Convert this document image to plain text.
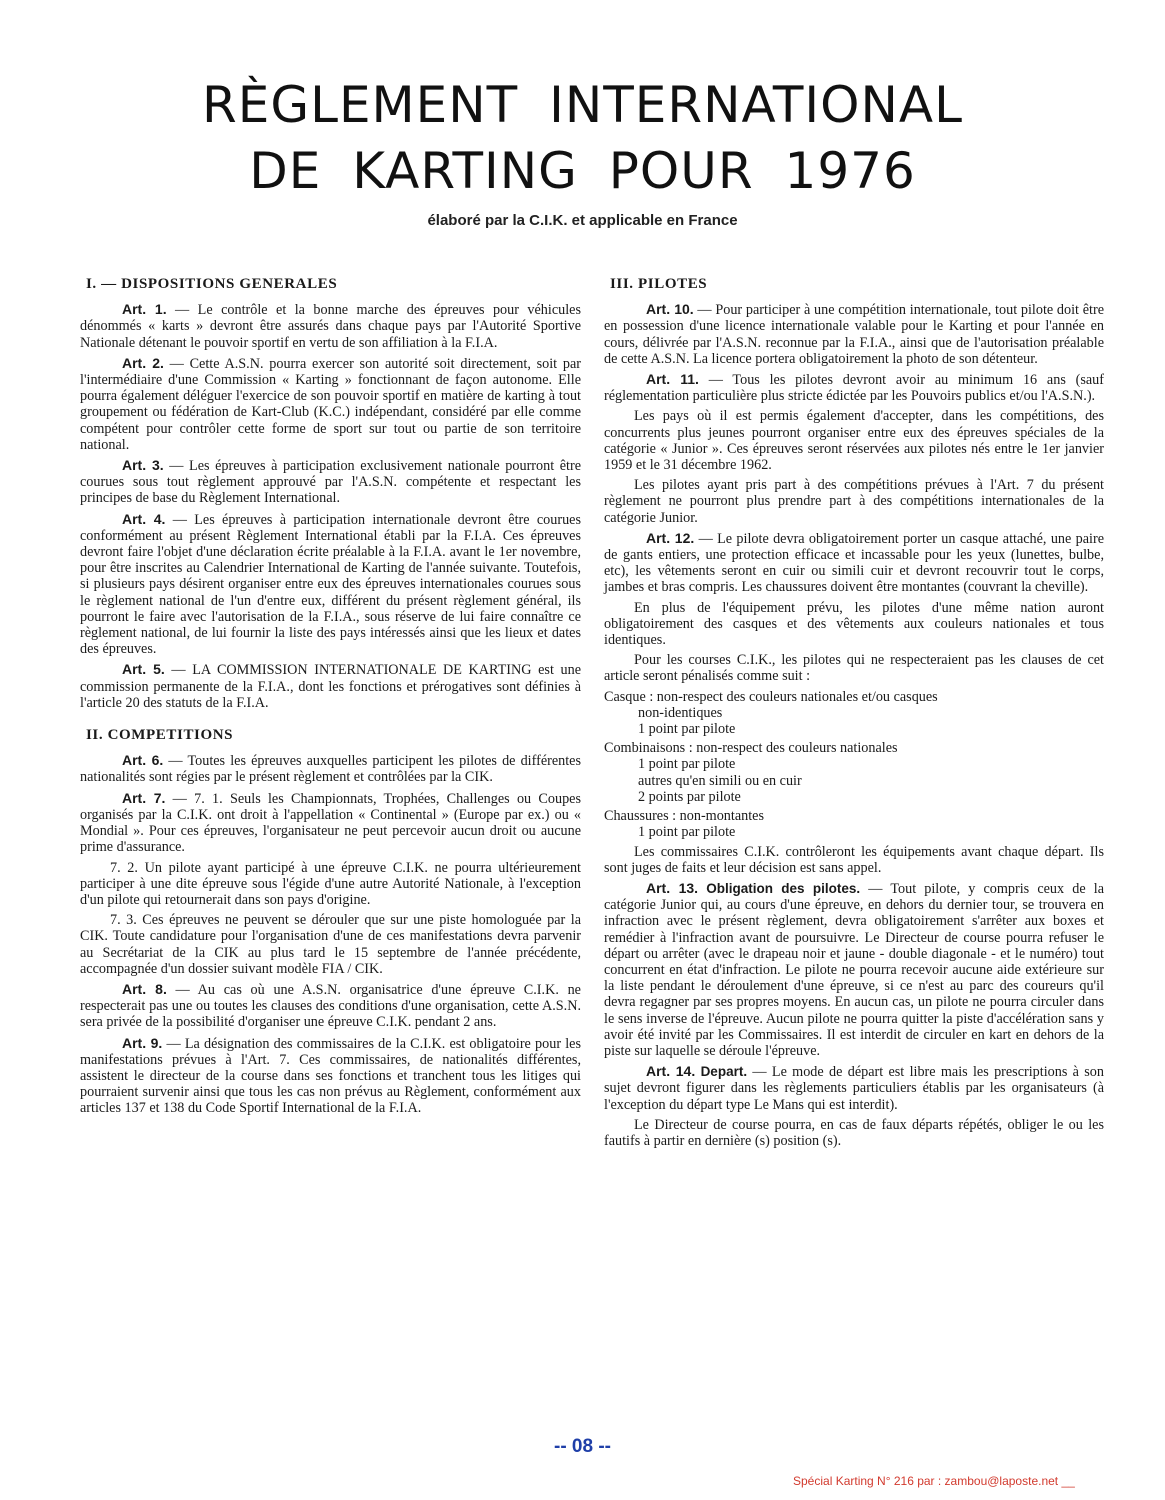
RÈGLEMENT INTERNATIONAL
DE KARTING POUR 1976
élaboré par la C.I.K. et applicable en France
I. — DISPOSITIONS GENERALES

Art. 1. — Le contrôle et la bonne marche des épreuves pour véhicules dénommés « karts » devront être assurés dans chaque pays par l'Autorité Sportive Nationale détenant le pouvoir sportif en vertu de son affiliation à la F.I.A.

Art. 2. — Cette A.S.N. pourra exercer son autorité soit directement, soit par l'intermédiaire d'une Commission « Karting » fonctionnant de façon autonome. Elle pourra également déléguer l'exercice de son pouvoir sportif en matière de karting à tout groupement ou fédération de Kart-Club (K.C.) indépendant, considéré par elle comme compétent pour contrôler cette forme de sport sur tout ou partie de son territoire national.

Art. 3. — Les épreuves à participation exclusivement nationale pourront être courues sous tout règlement approuvé par l'A.S.N. compétente et respectant les principes de base du Règlement International.

Art. 4. — Les épreuves à participation internationale devront être courues conformément au présent Règlement International établi par la F.I.A. Ces épreuves devront faire l'objet d'une déclaration écrite préalable à la F.I.A. avant le 1er novembre, pour être inscrites au Calendrier International de Karting de l'année suivante. Toutefois, si plusieurs pays désirent organiser entre eux des épreuves internationales courues sous le règlement national de l'un d'entre eux, différent du présent règlement général, ils pourront le faire avec l'autorisation de la F.I.A., sous réserve de lui faire connaître ce règlement national, de lui fournir la liste des pays intéressés ainsi que les lieux et dates des épreuves.

Art. 5. — LA COMMISSION INTERNATIONALE DE KARTING est une commission permanente de la F.I.A., dont les fonctions et prérogatives sont définies à l'article 20 des statuts de la F.I.A.

II. COMPETITIONS

Art. 6. — Toutes les épreuves auxquelles participent les pilotes de différentes nationalités sont régies par le présent règlement et contrôlées par la CIK.

Art. 7. — 7. 1. Seuls les Championnats, Trophées, Challenges ou Coupes organisés par la C.I.K. ont droit à l'appellation « Continental » (Europe par ex.) ou « Mondial ». Pour ces épreuves, l'organisateur ne peut percevoir aucun droit ou aucune prime d'assurance.

7. 2. Un pilote ayant participé à une épreuve C.I.K. ne pourra ultérieurement participer à une dite épreuve sous l'égide d'une autre Autorité Nationale, à l'exception d'un pilote qui retournerait dans son pays d'origine.

7. 3. Ces épreuves ne peuvent se dérouler que sur une piste homologuée par la CIK. Toute candidature pour l'organisation d'une de ces manifestations devra parvenir au Secrétariat de la CIK au plus tard le 15 septembre de l'année précédente, accompagnée d'un dossier suivant modèle FIA / CIK.

Art. 8. — Au cas où une A.S.N. organisatrice d'une épreuve C.I.K. ne respecterait pas une ou toutes les clauses des conditions d'une organisation, cette A.S.N. sera privée de la possibilité d'organiser une épreuve C.I.K. pendant 2 ans.

Art. 9. — La désignation des commissaires de la C.I.K. est obligatoire pour les manifestations prévues à l'Art. 7. Ces commissaires, de nationalités différentes, assistent le directeur de la course dans ses fonctions et tranchent tous les litiges qui pourraient survenir ainsi que tous les cas non prévus au Règlement, conformément aux articles 137 et 138 du Code Sportif International de la F.I.A.

III. PILOTES

Art. 10. — Pour participer à une compétition internationale, tout pilote doit être en possession d'une licence internationale valable pour le Karting et pour l'année en cours, délivrée par l'A.S.N. reconnue par la F.I.A., ainsi que de l'autorisation préalable de cette A.S.N. La licence portera obligatoirement la photo de son détenteur.

Art. 11. — Tous les pilotes devront avoir au minimum 16 ans (sauf réglementation particulière plus stricte édictée par les Pouvoirs publics et/ou l'A.S.N.).

Les pays où il est permis également d'accepter, dans les compétitions, des concurrents plus jeunes pourront organiser entre eux des épreuves spéciales de la catégorie « Junior ». Ces épreuves seront réservées aux pilotes nés entre le 1er janvier 1959 et le 31 décembre 1962.

Les pilotes ayant pris part à des compétitions prévues à l'Art. 7 du présent règlement ne pourront plus prendre part à des compétitions internationales de la catégorie Junior.

Art. 12. — Le pilote devra obligatoirement porter un casque attaché, une paire de gants entiers, une protection efficace et incassable pour les yeux (lunettes, bulbe, etc), les vêtements seront en cuir ou simili cuir et devront recouvrir tout le corps, jambes et bras compris. Les chaussures doivent être montantes (couvrant la cheville).

En plus de l'équipement prévu, les pilotes d'une même nation auront obligatoirement des casques et des vêtements aux couleurs nationales et tous identiques.

Pour les courses C.I.K., les pilotes qui ne respecteraient pas les clauses de cet article seront pénalisés comme suit :

Casque : non-respect des couleurs nationales et/ou casques
non-identiques
1 point par pilote
Combinaisons : non-respect des couleurs nationales
1 point par pilote
autres qu'en simili ou en cuir
2 points par pilote
Chaussures : non-montantes
1 point par pilote

Les commissaires C.I.K. contrôleront les équipements avant chaque départ. Ils sont juges de faits et leur décision est sans appel.

Art. 13. Obligation des pilotes. — Tout pilote, y compris ceux de la catégorie Junior qui, au cours d'une épreuve, en dehors du dernier tour, se trouvera en infraction avec le présent règlement, devra obligatoirement s'arrêter aux boxes et remédier à l'infraction avant de poursuivre. Le Directeur de course pourra refuser le départ ou arrêter (avec le drapeau noir et jaune - double diagonale - et le numéro) tout concurrent en état d'infraction. Le pilote ne pourra recevoir aucune aide extérieure sur la liste pendant le déroulement d'une épreuve, si ce n'est au parc des coureurs qu'il devra regagner par ses propres moyens. En aucun cas, un pilote ne pourra circuler dans le sens inverse de l'épreuve. Aucun pilote ne pourra quitter la piste d'accélération sans y avoir été invité par les Commissaires. Il est interdit de circuler en kart en dehors de la piste sur laquelle se déroule l'épreuve.

Art. 14. Depart. — Le mode de départ est libre mais les prescriptions à son sujet devront figurer dans les règlements particuliers établis par les organisateurs (à l'exception du départ type Le Mans qui est interdit).

Le Directeur de course pourra, en cas de faux départs répétés, obliger le ou les fautifs à partir en dernière (s) position (s).

-- 08 --
Spécial Karting N° 216 par : zambou@laposte.net __
